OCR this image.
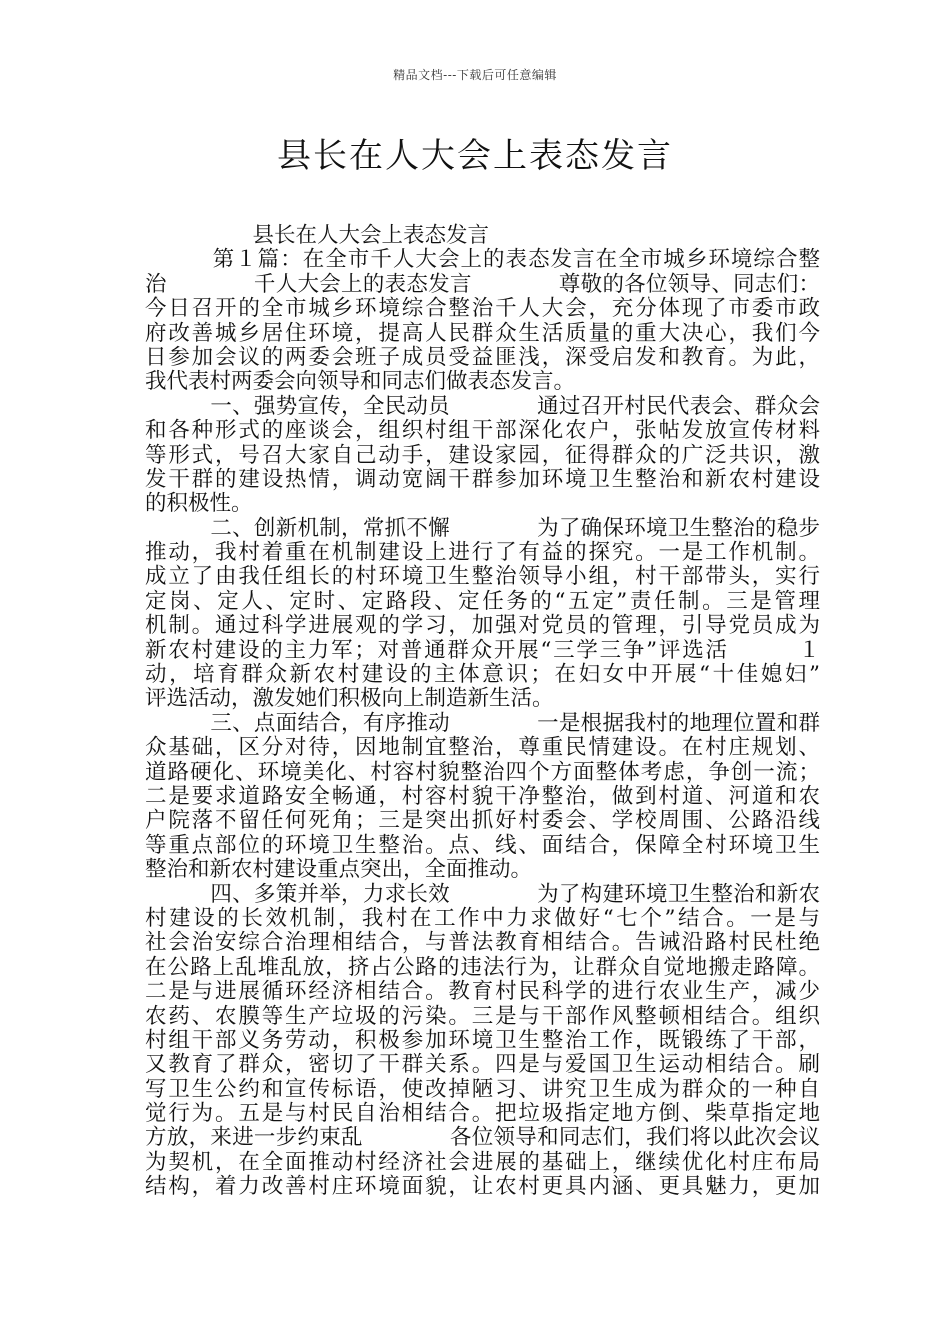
精品文档---下载后可任意编辑
县长在人大会上表态发言
　　　　　县长在人大会上表态发言
　　　第１篇：在全市千人大会上的表态发言在全市城乡环境综合整
治　　　　千人大会上的表态发言　　　　尊敬的各位领导、同志们：
今日召开的全市城乡环境综合整治千人大会，充分体现了市委市政
府改善城乡居住环境，提高人民群众生活质量的重大决心，我们今
日参加会议的两委会班子成员受益匪浅，深受启发和教育。为此，
我代表村两委会向领导和同志们做表态发言。
　　　一、强势宣传，全民动员　　　　通过召开村民代表会、群众会
和各种形式的座谈会，组织村组干部深化农户，张帖发放宣传材料
等形式，号召大家自己动手，建设家园，征得群众的广泛共识，激
发干群的建设热情，调动宽阔干群参加环境卫生整治和新农村建设
的积极性。
　　　二、创新机制，常抓不懈　　　　为了确保环境卫生整治的稳步
推动，我村着重在机制建设上进行了有益的探究。一是工作机制。
成立了由我任组长的村环境卫生整治领导小组，村干部带头，实行
定岗、定人、定时、定路段、定任务的“五定”责任制。三是管理
机制。通过科学进展观的学习，加强对党员的管理，引导党员成为
新农村建设的主力军；对普通群众开展“三学三争”评选活　　　１
动，培育群众新农村建设的主体意识；在妇女中开展“十佳媳妇”
评选活动，激发她们积极向上制造新生活。
　　　三、点面结合，有序推动　　　　一是根据我村的地理位置和群
众基础，区分对待，因地制宜整治，尊重民情建设。在村庄规划、
道路硬化、环境美化、村容村貌整治四个方面整体考虑，争创一流；
二是要求道路安全畅通，村容村貌干净整治，做到村道、河道和农
户院落不留任何死角；三是突出抓好村委会、学校周围、公路沿线
等重点部位的环境卫生整治。点、线、面结合，保障全村环境卫生
整治和新农村建设重点突出，全面推动。
　　　四、多策并举，力求长效　　　　为了构建环境卫生整治和新农
村建设的长效机制，我村在工作中力求做好“七个”结合。一是与
社会治安综合治理相结合，与普法教育相结合。告诫沿路村民杜绝
在公路上乱堆乱放，挤占公路的违法行为，让群众自觉地搬走路障。
二是与进展循环经济相结合。教育村民科学的进行农业生产，减少
农药、农膜等生产垃圾的污染。三是与干部作风整顿相结合。组织
村组干部义务劳动，积极参加环境卫生整治工作，既锻练了干部，
又教育了群众，密切了干群关系。四是与爱国卫生运动相结合。刷
写卫生公约和宣传标语，使改掉陋习、讲究卫生成为群众的一种自
觉行为。五是与村民自治相结合。把垃圾指定地方倒、柴草指定地
方放，来进一步约束乱　　　　各位领导和同志们，我们将以此次会议
为契机，在全面推动村经济社会进展的基础上，继续优化村庄布局
结构，着力改善村庄环境面貌，让农村更具内涵、更具魅力，更加
